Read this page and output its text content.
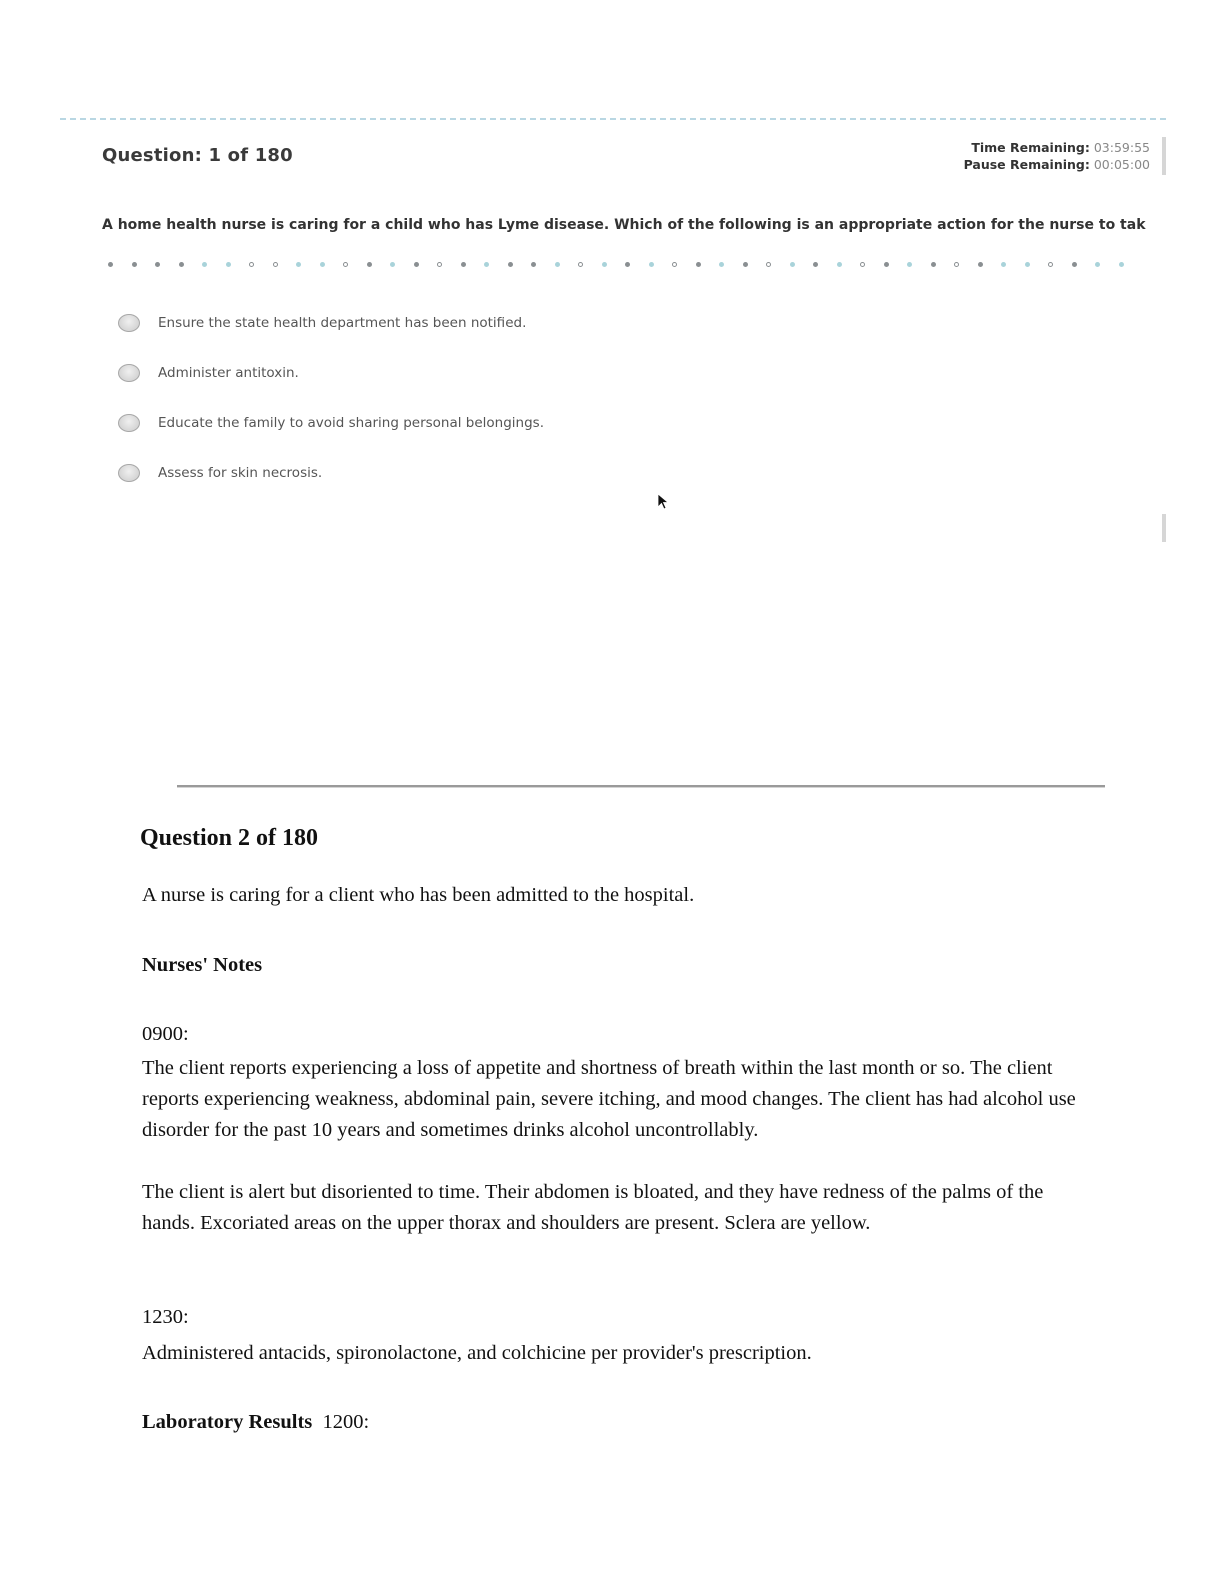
Question: 1 of 180	Time Remaining: 03:59:55
Pause Remaining: 00:05:00
A home health nurse is caring for a child who has Lyme disease. Which of the following is an appropriate action for the nurse to tak
Ensure the state health department has been notified.
Administer antitoxin.
Educate the family to avoid sharing personal belongings.
Assess for skin necrosis.
Question 2 of 180
A nurse is caring for a client who has been admitted to the hospital.
Nurses' Notes
0900:
The client reports experiencing a loss of appetite and shortness of breath within the last month or so. The client reports experiencing weakness, abdominal pain, severe itching, and mood changes. The client has had alcohol use disorder for the past 10 years and sometimes drinks alcohol uncontrollably.
The client is alert but disoriented to time. Their abdomen is bloated, and they have redness of the palms of the hands. Excoriated areas on the upper thorax and shoulders are present. Sclera are yellow.
1230:
Administered antacids, spironolactone, and colchicine per provider's prescription.
Laboratory Results 1200:
